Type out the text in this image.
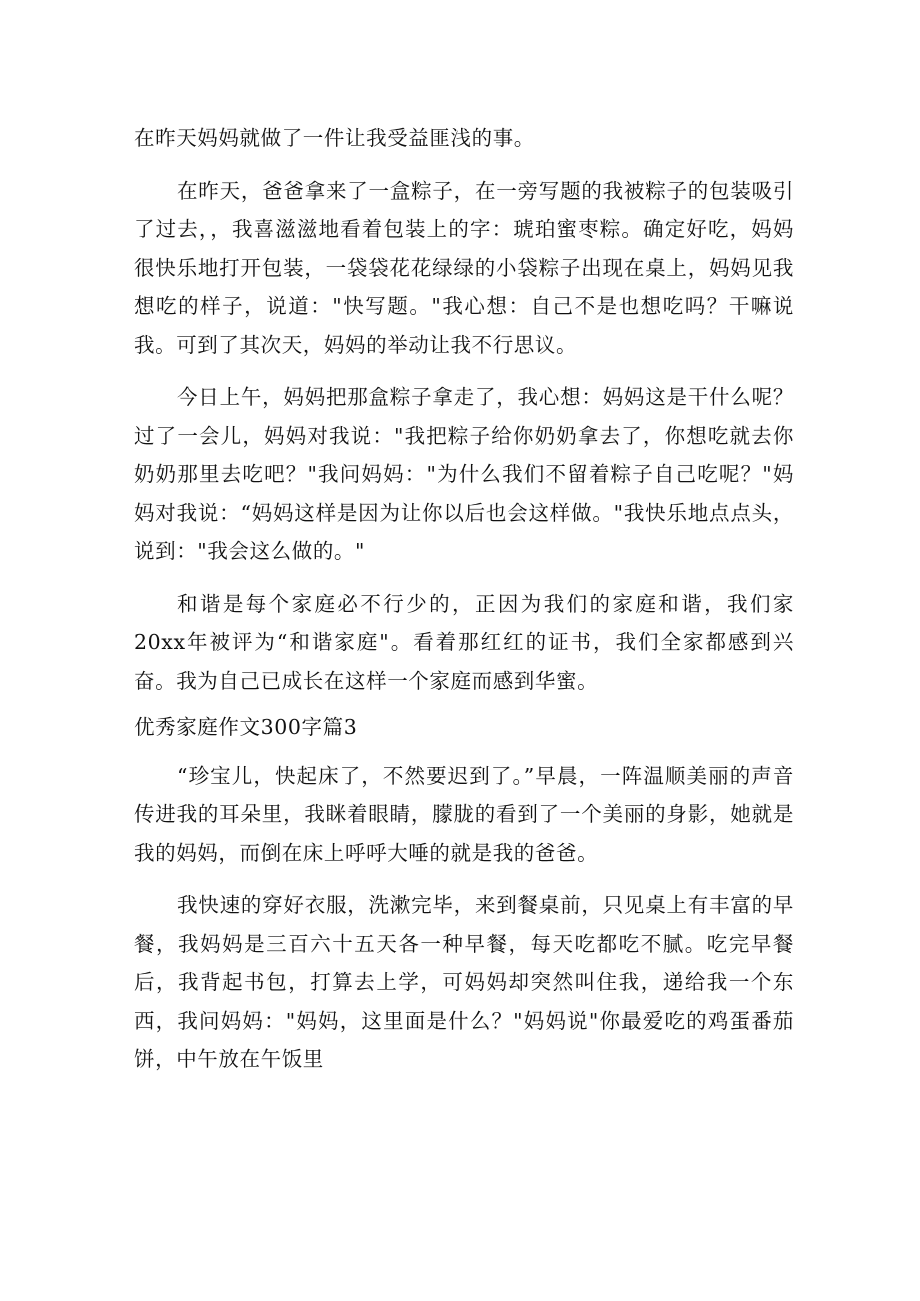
在昨天妈妈就做了一件让我受益匪浅的事。

在昨天，爸爸拿来了一盒粽子，在一旁写题的我被粽子的包装吸引了过去，，我喜滋滋地看着包装上的字：琥珀蜜枣粽。确定好吃，妈妈很快乐地打开包装，一袋袋花花绿绿的小袋粽子出现在桌上，妈妈见我想吃的样子，说道："快写题。"我心想：自己不是也想吃吗？干嘛说我。可到了其次天，妈妈的举动让我不行思议。

今日上午，妈妈把那盒粽子拿走了，我心想：妈妈这是干什么呢？过了一会儿，妈妈对我说："我把粽子给你奶奶拿去了，你想吃就去你奶奶那里去吃吧？"我问妈妈："为什么我们不留着粽子自己吃呢？"妈妈对我说：“妈妈这样是因为让你以后也会这样做。"我快乐地点点头，说到："我会这么做的。"

和谐是每个家庭必不行少的，正因为我们的家庭和谐，我们家20xx年被评为“和谐家庭"。看着那红红的证书，我们全家都感到兴奋。我为自己已成长在这样一个家庭而感到华蜜。

优秀家庭作文300字篇3

“珍宝儿，快起床了，不然要迟到了。”早晨，一阵温顺美丽的声音传进我的耳朵里，我眯着眼睛，朦胧的看到了一个美丽的身影，她就是我的妈妈，而倒在床上呼呼大唾的就是我的爸爸。

我快速的穿好衣服，洗漱完毕，来到餐桌前，只见桌上有丰富的早餐，我妈妈是三百六十五天各一种早餐，每天吃都吃不腻。吃完早餐后，我背起书包，打算去上学，可妈妈却突然叫住我，递给我一个东西，我问妈妈："妈妈，这里面是什么？"妈妈说"你最爱吃的鸡蛋番茄饼，中午放在午饭里
